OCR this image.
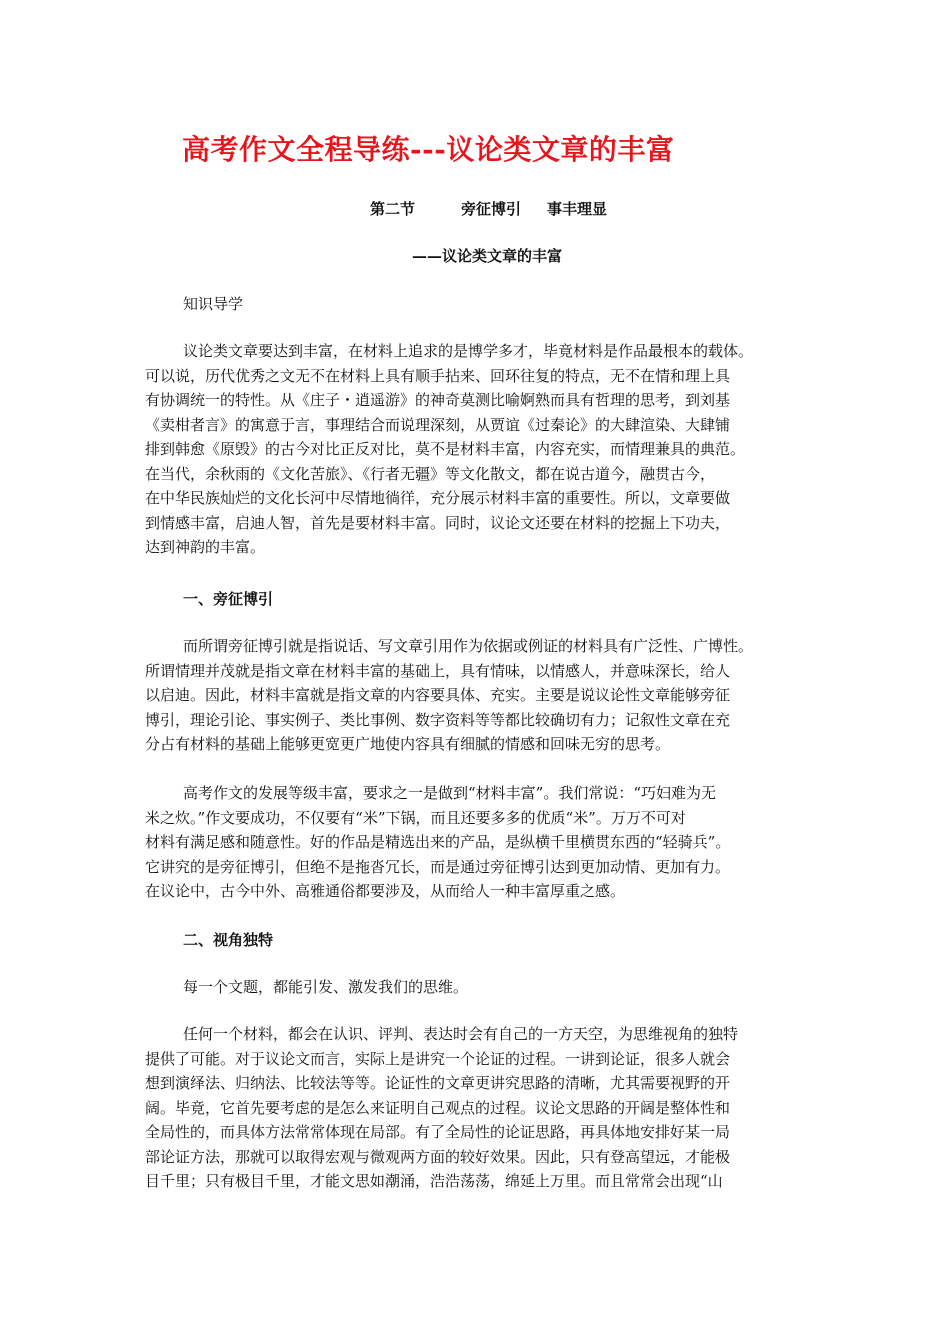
高考作文全程导练---议论类文章的丰富
第二节	旁征博引 事丰理显
——议论类文章的丰富
知识导学
议论类文章要达到丰富，在材料上追求的是博学多才，毕竟材料是作品最根本的载体。
可以说，历代优秀之文无不在材料上具有顺手拈来、回环往复的特点，无不在情和理上具
有协调统一的特性。从《庄子・逍遥游》的神奇莫测比喻婀熟而具有哲理的思考，到刘基
《卖柑者言》的寓意于言，事理结合而说理深刻，从贾谊《过秦论》的大肆渲染、大肆铺
排到韩愈《原毁》的古今对比正反对比，莫不是材料丰富，内容充实，而情理兼具的典范。
在当代，余秋雨的《文化苦旅》、《行者无疆》等文化散文，都在说古道今，融贯古今，
在中华民族灿烂的文化长河中尽情地徜徉，充分展示材料丰富的重要性。所以，文章要做
到情感丰富，启迪人智，首先是要材料丰富。同时，议论文还要在材料的挖掘上下功夫，
达到神韵的丰富。
一、旁征博引
而所谓旁征博引就是指说话、写文章引用作为依据或例证的材料具有广泛性、广博性。
所谓情理并茂就是指文章在材料丰富的基础上，具有情味，以情感人，并意味深长，给人
以启迪。因此，材料丰富就是指文章的内容要具体、充实。主要是说议论性文章能够旁征
博引，理论引论、事实例子、类比事例、数字资料等等都比较确切有力；记叙性文章在充
分占有材料的基础上能够更宽更广地使内容具有细腻的情感和回味无穷的思考。
高考作文的发展等级丰富，要求之一是做到“材料丰富”。我们常说：“巧妇难为无
米之炊。”作文要成功，不仅要有“米”下锅，而且还要多多的优质“米”。万万不可对
材料有满足感和随意性。好的作品是精选出来的产品，是纵横千里横贯东西的“轻骑兵”。
它讲究的是旁征博引，但绝不是拖沓冗长，而是通过旁征博引达到更加动情、更加有力。
在议论中，古今中外、高雅通俗都要涉及，从而给人一种丰富厚重之感。
二、视角独特
每一个文题，都能引发、激发我们的思维。
任何一个材料，都会在认识、评判、表达时会有自己的一方天空，为思维视角的独特
提供了可能。对于议论文而言，实际上是讲究一个论证的过程。一讲到论证，很多人就会
想到演绎法、归纳法、比较法等等。论证性的文章更讲究思路的清晰，尤其需要视野的开
阔。毕竟，它首先要考虑的是怎么来证明自己观点的过程。议论文思路的开阔是整体性和
全局性的，而具体方法常常体现在局部。有了全局性的论证思路，再具体地安排好某一局
部论证方法，那就可以取得宏观与微观两方面的较好效果。因此，只有登高望远，才能极
目千里；只有极目千里，才能文思如潮涌，浩浩荡荡，绵延上万里。而且常常会出现“山
